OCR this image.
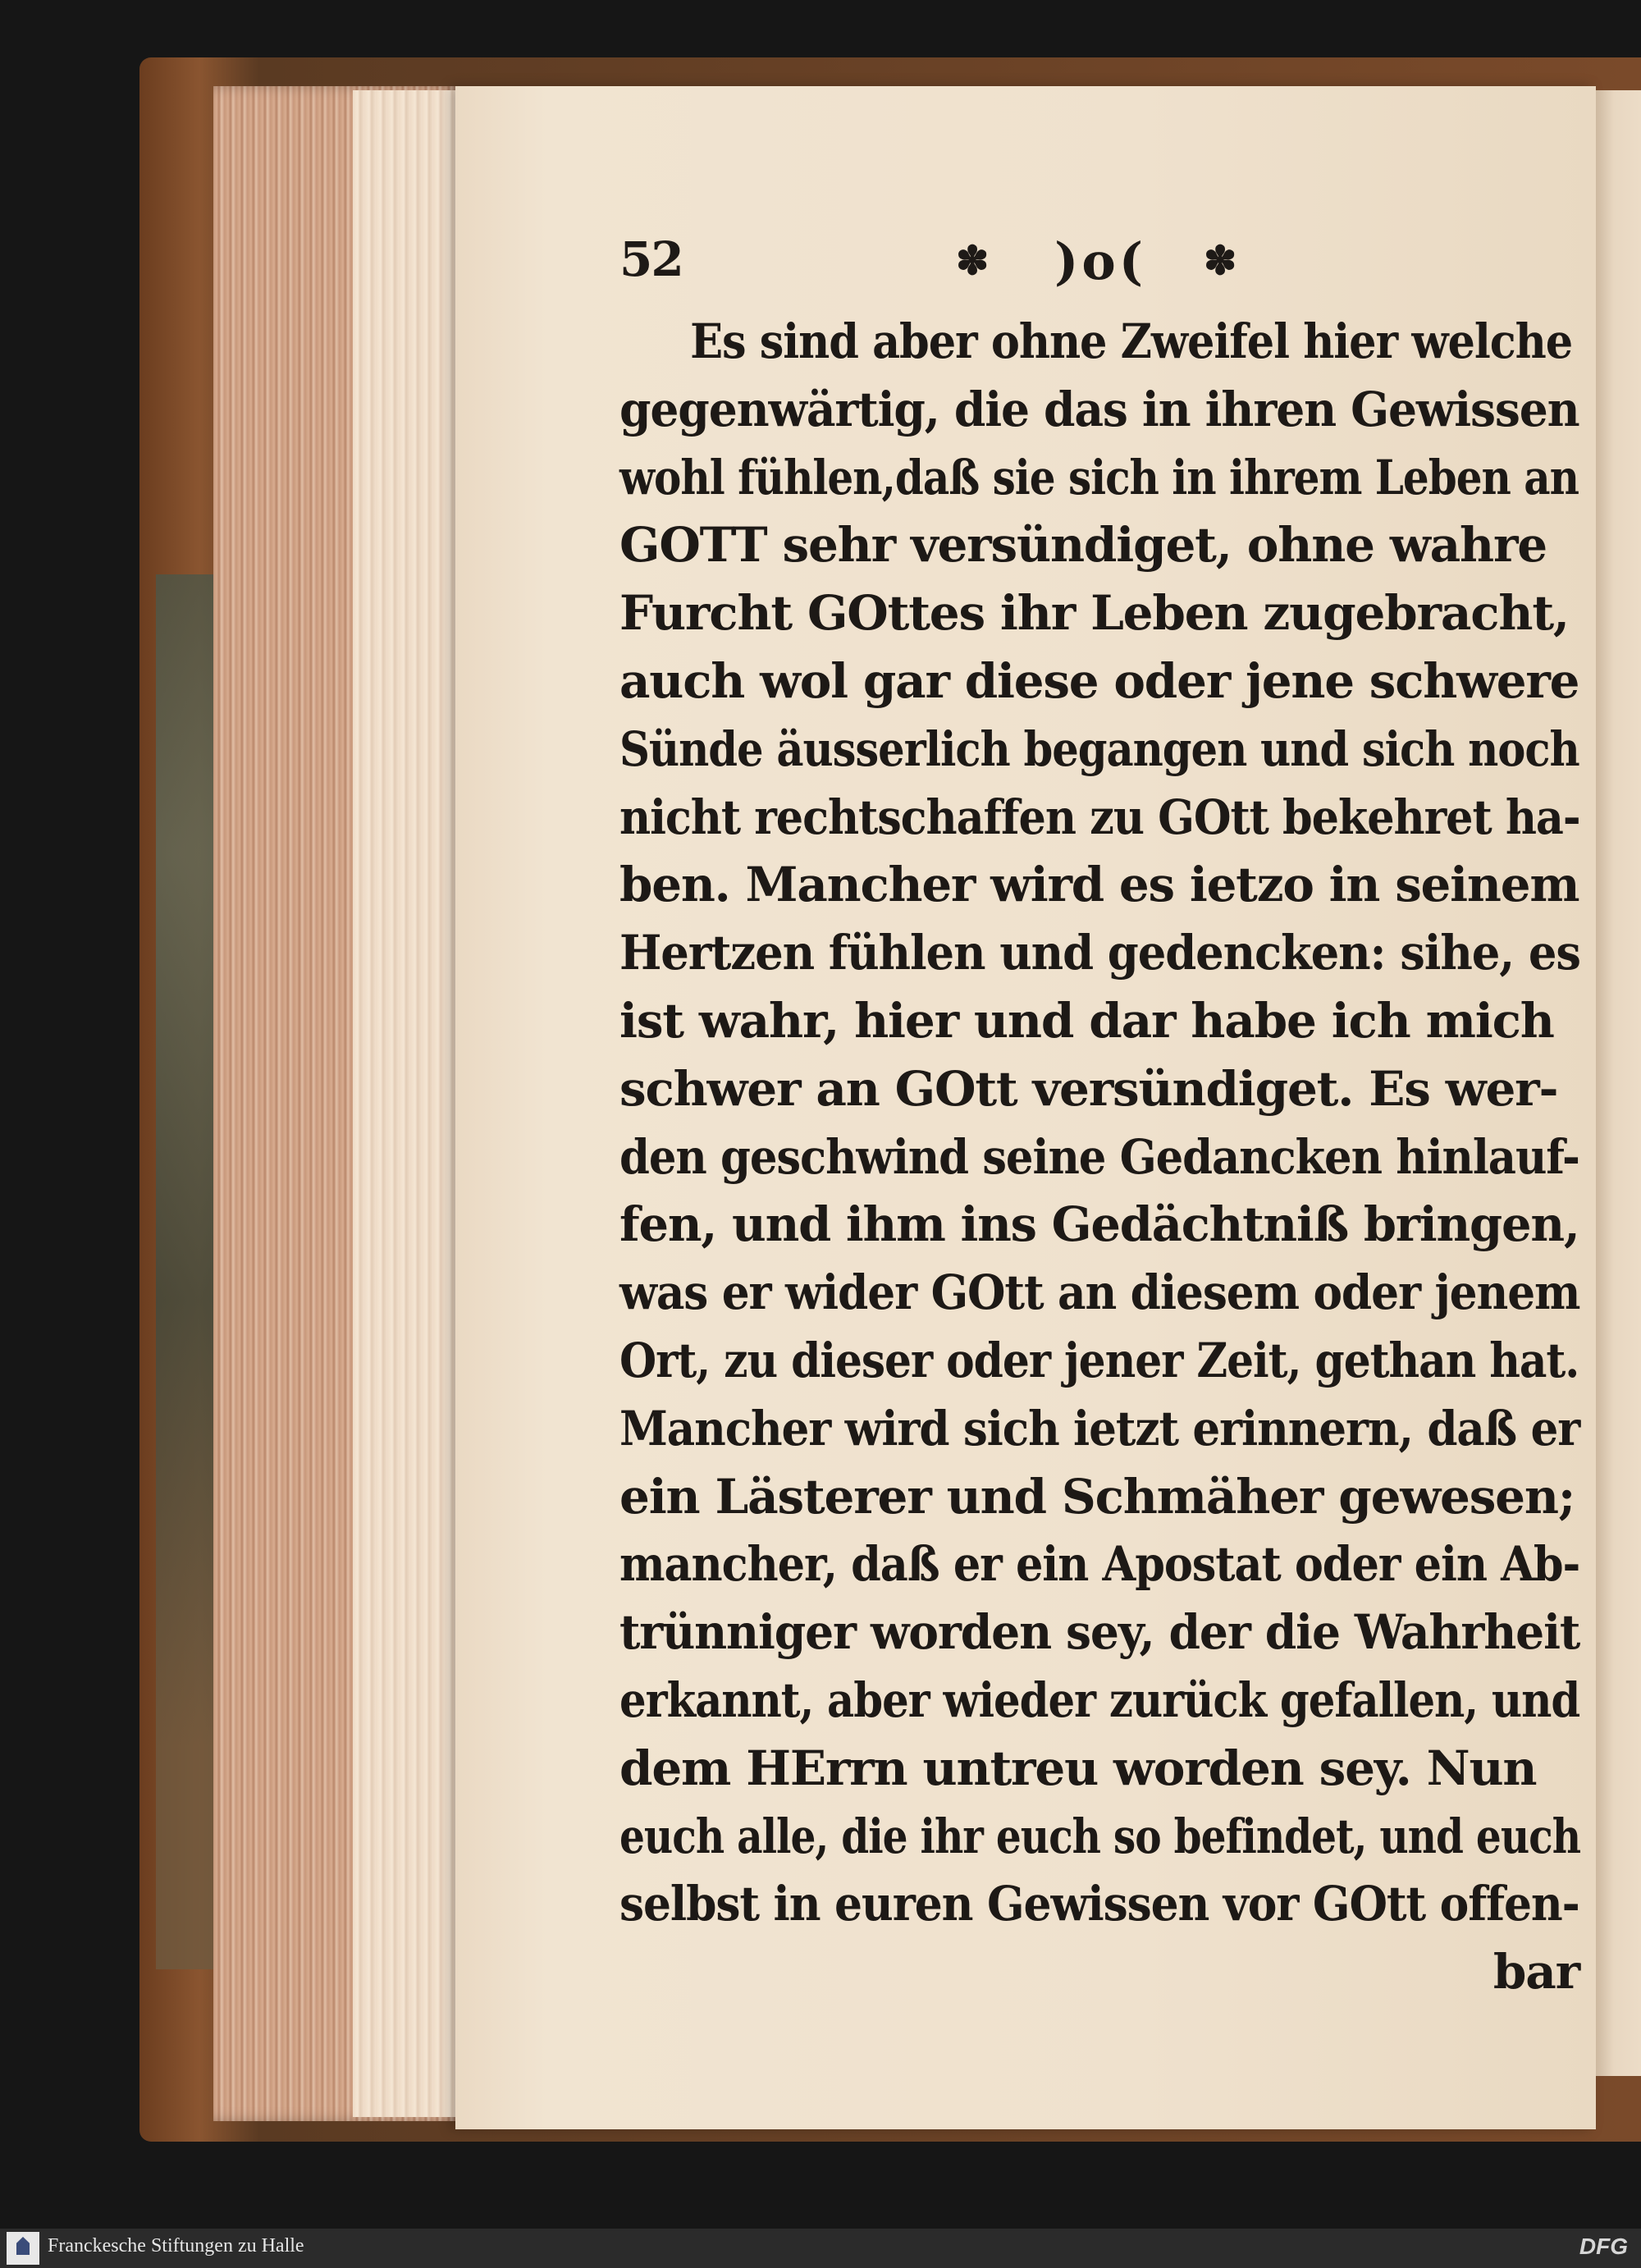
52	✽ )o( ✽
Es sind aber ohne Zweifel hier welche
gegenwärtig, die das in ihren Gewissen
wohl fühlen,daß sie sich in ihrem Leben an
GOTT sehr versündiget, ohne wahre
Furcht GOttes ihr Leben zugebracht,
auch wol gar diese oder jene schwere
Sünde äusserlich begangen und sich noch
nicht rechtschaffen zu GOtt bekehret ha-
ben. Mancher wird es ietzo in seinem
Hertzen fühlen und gedencken: sihe, es
ist wahr, hier und dar habe ich mich
schwer an GOtt versündiget. Es wer-
den geschwind seine Gedancken hinlauf-
fen, und ihm ins Gedächtniß bringen,
was er wider GOtt an diesem oder jenem
Ort, zu dieser oder jener Zeit, gethan hat.
Mancher wird sich ietzt erinnern, daß er
ein Lästerer und Schmäher gewesen;
mancher, daß er ein Apostat oder ein Ab-
trünniger worden sey, der die Wahrheit
erkannt, aber wieder zurück gefallen, und
dem HErrn untreu worden sey. Nun
euch alle, die ihr euch so befindet, und euch
selbst in euren Gewissen vor GOtt offen-
bar
Franckesche Stiftungen zu Halle	DFG
